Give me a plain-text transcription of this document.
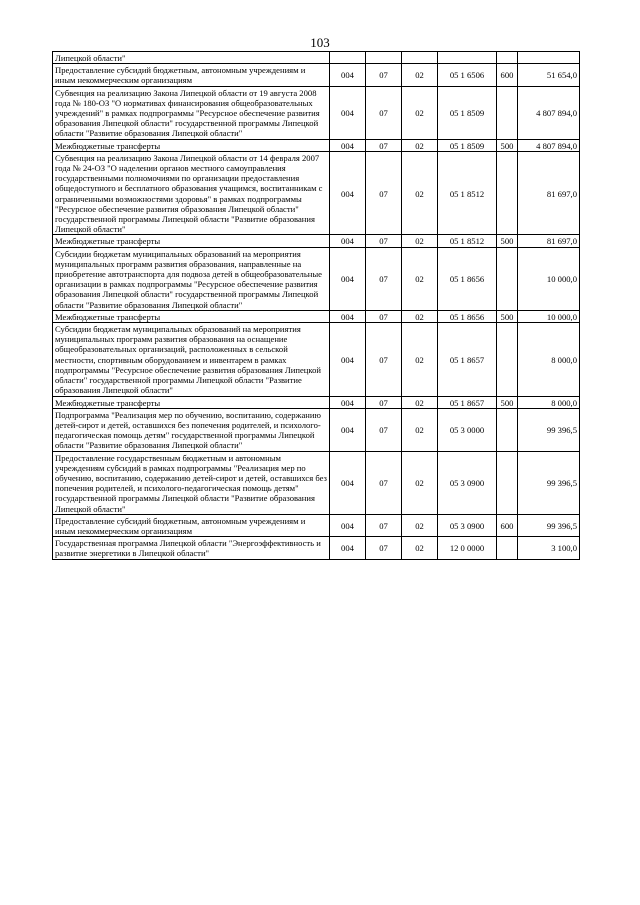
103
Липецкой области"						
Предоставление субсидий бюджетным, автономным учреждениям и иным некоммерческим организациям	004	07	02	05 1 6506	600	51 654,0
Субвенция на реализацию Закона Липецкой области от 19 августа 2008 года № 180-ОЗ "О нормативах финансирования общеобразовательных учреждений" в рамках подпрограммы "Ресурсное обеспечение развития образования Липецкой области" государственной программы Липецкой области "Развитие образования Липецкой области"	004	07	02	05 1 8509		4 807 894,0
Межбюджетные трансферты	004	07	02	05 1 8509	500	4 807 894,0
Субвенция на реализацию Закона Липецкой области от 14 февраля 2007 года № 24-ОЗ "О наделении органов местного самоуправления государственными полномочиями по организации предоставления общедоступного и бесплатного образования учащимся, воспитанникам с ограниченными возможностями здоровья" в рамках подпрограммы "Ресурсное обеспечение развития образования Липецкой области" государственной программы Липецкой области "Развитие образования Липецкой области"	004	07	02	05 1 8512		81 697,0
Межбюджетные трансферты	004	07	02	05 1 8512	500	81 697,0
Субсидии бюджетам муниципальных образований на мероприятия муниципальных программ развития образования, направленные на приобретение автотранспорта для подвоза детей в общеобразовательные организации в рамках подпрограммы "Ресурсное обеспечение развития образования Липецкой области" государственной программы Липецкой области "Развитие образования Липецкой области"	004	07	02	05 1 8656		10 000,0
Межбюджетные трансферты	004	07	02	05 1 8656	500	10 000,0
Субсидии бюджетам муниципальных образований на мероприятия муниципальных программ развития образования на оснащение общеобразовательных организаций, расположенных в сельской местности, спортивным оборудованием и инвентарем в рамках подпрограммы "Ресурсное обеспечение развития образования Липецкой области" государственной программы Липецкой области "Развитие образования Липецкой области"	004	07	02	05 1 8657		8 000,0
Межбюджетные трансферты	004	07	02	05 1 8657	500	8 000,0
Подпрограмма "Реализация мер по обучению, воспитанию, содержанию детей-сирот и детей, оставшихся без попечения родителей, и психолого-педагогическая помощь детям" государственной программы Липецкой области "Развитие образования Липецкой области"	004	07	02	05 3 0000		99 396,5
Предоставление государственным бюджетным и автономным учреждениям субсидий в рамках подпрограммы "Реализация мер по обучению, воспитанию, содержанию детей-сирот и детей, оставшихся без попечения родителей, и психолого-педагогическая помощь детям" государственной программы Липецкой области "Развитие образования Липецкой области"	004	07	02	05 3 0900		99 396,5
Предоставление субсидий бюджетным, автономным учреждениям и иным некоммерческим организациям	004	07	02	05 3 0900	600	99 396,5
Государственная программа Липецкой области "Энергоэффективность и развитие энергетики в Липецкой области"	004	07	02	12 0 0000		3 100,0
